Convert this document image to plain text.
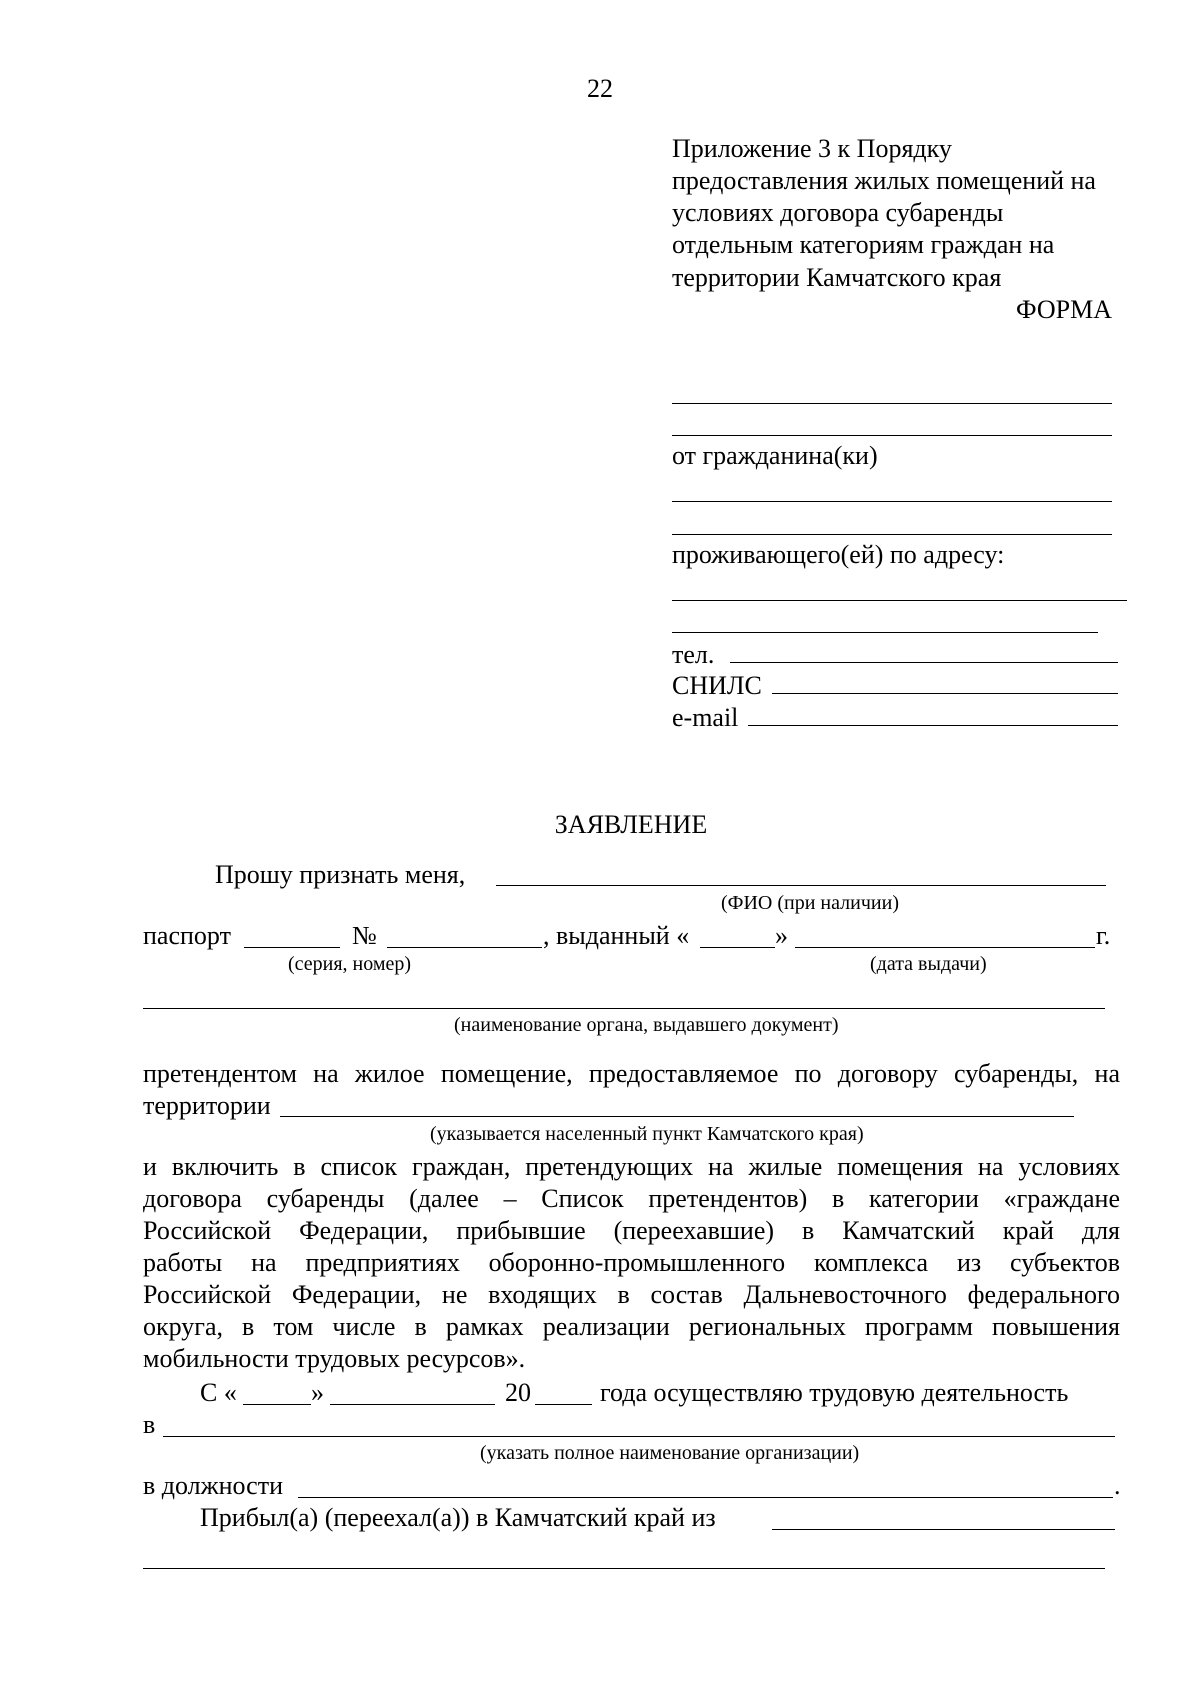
22
Приложение 3 к Порядку
предоставления жилых помещений на
условиях договора субаренды
отдельным категориям граждан на
территории Камчатского края
ФОРМА
от гражданина(ки)
проживающего(ей) по адресу:
тел.
СНИЛС
e-mail
ЗАЯВЛЕНИЕ
Прошу признать меня,
(ФИО (при наличии)
паспорт	№	, выданный «	»	г.
(серия, номер)	(дата выдачи)
(наименование органа, выдавшего документ)
претендентом на жилое помещение, предоставляемое по договору субаренды, на
территории
(указывается населенный пункт Камчатского края)
и включить в список граждан, претендующих на жилые помещения на условиях
договора субаренды (далее – Список претендентов) в категории «граждане
Российской Федерации, прибывшие (переехавшие) в Камчатский край для
работы на предприятиях оборонно-промышленного комплекса из субъектов
Российской Федерации, не входящих в состав Дальневосточного федерального
округа, в том числе в рамках реализации региональных программ повышения
мобильности трудовых ресурсов».
С «	»	20	года осуществляю трудовую деятельность
в
(указать полное наименование организации)
в должности	.
Прибыл(а) (переехал(а)) в Камчатский край из
